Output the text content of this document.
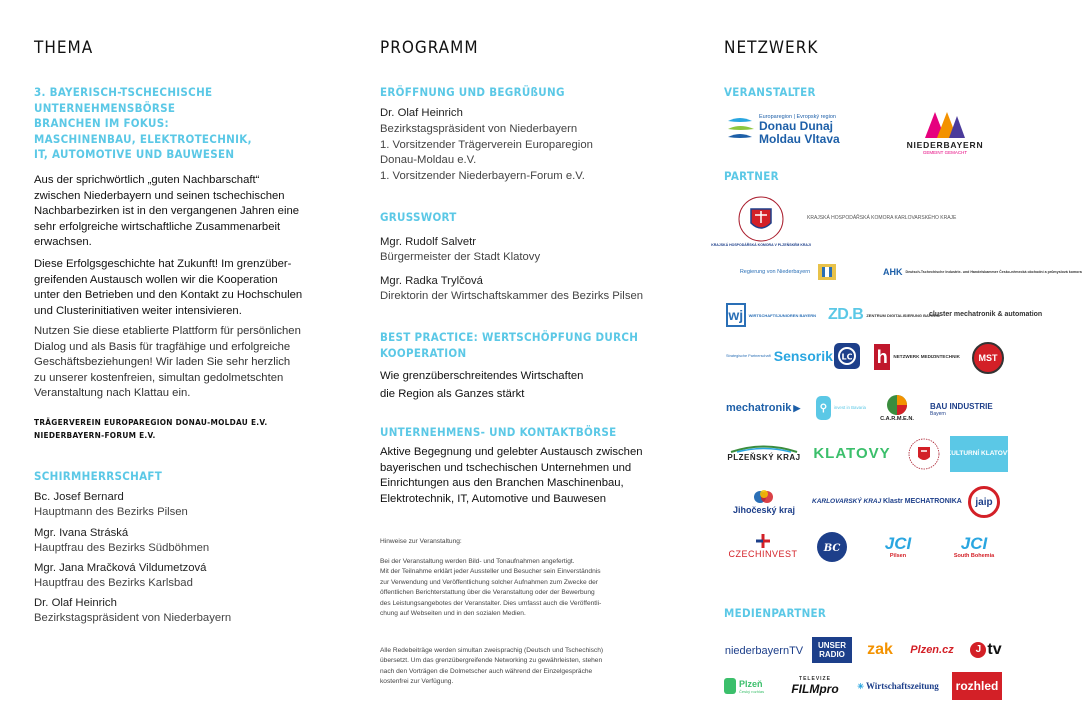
THEMA
3. BAYERISCH-TSCHECHISCHE UNTERNEHMENSBÖRSE
BRANCHEN IM FOKUS:
MASCHINENBAU, ELEKTROTECHNIK,
IT, AUTOMOTIVE UND BAUWESEN
Aus der sprichwörtlich „guten Nachbarschaft“
zwischen Niederbayern und seinen tschechischen
Nachbarbezirken ist in den vergangenen Jahren eine
sehr erfolgreiche wirtschaftliche Zusammenarbeit
erwachsen.
Diese Erfolgsgeschichte hat Zukunft! Im grenzüber-
greifenden Austausch wollen wir die Kooperation
unter den Betrieben und den Kontakt zu Hochschulen
und Clusterinitiativen weiter intensivieren.
Nutzen Sie diese etablierte Plattform für persönlichen
Dialog und als Basis für tragfähige und erfolgreiche
Geschäftsbeziehungen! Wir laden Sie sehr herzlich
zu unserer kostenfreien, simultan gedolmetschten
Veranstaltung nach Klattau ein.
TRÄGERVEREIN EUROPAREGION DONAU-MOLDAU E.V.
NIEDERBAYERN-FORUM E.V.
SCHIRMHERRSCHAFT
Bc. Josef Bernard
Hauptmann des Bezirks Pilsen
Mgr. Ivana Stráská
Hauptfrau des Bezirks Südböhmen
Mgr. Jana Mračková Vildumetzová
Hauptfrau des Bezirks Karlsbad
Dr. Olaf Heinrich
Bezirkstagspräsident von Niederbayern
PROGRAMM
ERÖFFNUNG UND BEGRÜßUNG
Dr. Olaf Heinrich
Bezirkstagspräsident von Niederbayern
1. Vorsitzender Trägerverein Europaregion
Donau-Moldau e.V.
1. Vorsitzender Niederbayern-Forum e.V.
GRUSSWORT
Mgr. Rudolf Salvetr
Bürgermeister der Stadt Klatovy
Mgr. Radka Trylčová
Direktorin der Wirtschaftskammer des Bezirks Pilsen
BEST PRACTICE: WERTSCHÖPFUNG DURCH
KOOPERATION
Wie grenzüberschreitendes Wirtschaften
die Region als Ganzes stärkt
UNTERNEHMENS- UND KONTAKTBÖRSE
Aktive Begegnung und gelebter Austausch zwischen
bayerischen und tschechischen Unternehmen und
Einrichtungen aus den Branchen Maschinenbau,
Elektrotechnik, IT, Automotive und Bauwesen
Hinweise zur Veranstaltung:
Bei der Veranstaltung werden Bild- und Tonaufnahmen angefertigt.
Mit der Teilnahme erklärt jeder Aussteller und Besucher sein Einverständnis
zur Verwendung und Veröffentlichung solcher Aufnahmen zum Zwecke der
öffentlichen Berichterstattung über die Veranstaltung oder der Bewerbung
des Leistungsangebotes der Veranstalter. Dies umfasst auch die Veröffentli-
chung auf Webseiten und in den sozialen Medien.
Alle Redebeiträge werden simultan zweisprachig (Deutsch und Tschechisch)
übersetzt. Um das grenzübergreifende Networking zu gewährleisten, stehen
nach den Vorträgen die Dolmetscher auch während der Einzelgespräche
kostenfrei zur Verfügung.
NETZWERK
VERANSTALTER
PARTNER
MEDIENPARTNER
Europaregion | Evropský region
Donau Dunaj
Moldau Vltava	NIEDERBAYERN
GEMEINT GEMACHT
KRAJSKÁ HOSPODÁŘSKÁ KOMORA V PLZEŇSKÉM KRAJI
KRAJSKÁ HOSPODÁŘSKÁ KOMORA KARLOVARSKÉHO KRAJE
Regierung von Niederbayern	AHK Deutsch-Tschechische Industrie- und Handelskammer Česko-německá obchodní a průmyslová komora
wj	WIRTSCHAFTSJUNIOREN BAYERN ZD.B ZENTRUM DIGITALISIERUNG BAYERN
cluster mechatronik & automation
Strategische Partnerschaft Sensorik LC h	NETZWERK MEDIZINTECHNIK	MST
mechatronik ▶	⚲	invest in Bavaria
C.A.R.M.E.N.
BAU INDUSTRIE
Bayern
PLZEŇSKÝ KRAJ KLATOVY	KULTURNÍ KLATOVY
Jihočeský kraj
KARLOVARSKÝ KRAJ Klastr MECHATRONIKA	jaip
CZECHINVEST	BC	JCI
Pilsen
JCI
South Bohemia
niederbayernTV UNSER
RADIO zak Plzen.cz	J tv
Plzeň
Český rozhlas
TELEVIZE
FILMpro ✳ Wirtschaftszeitung rozhled
